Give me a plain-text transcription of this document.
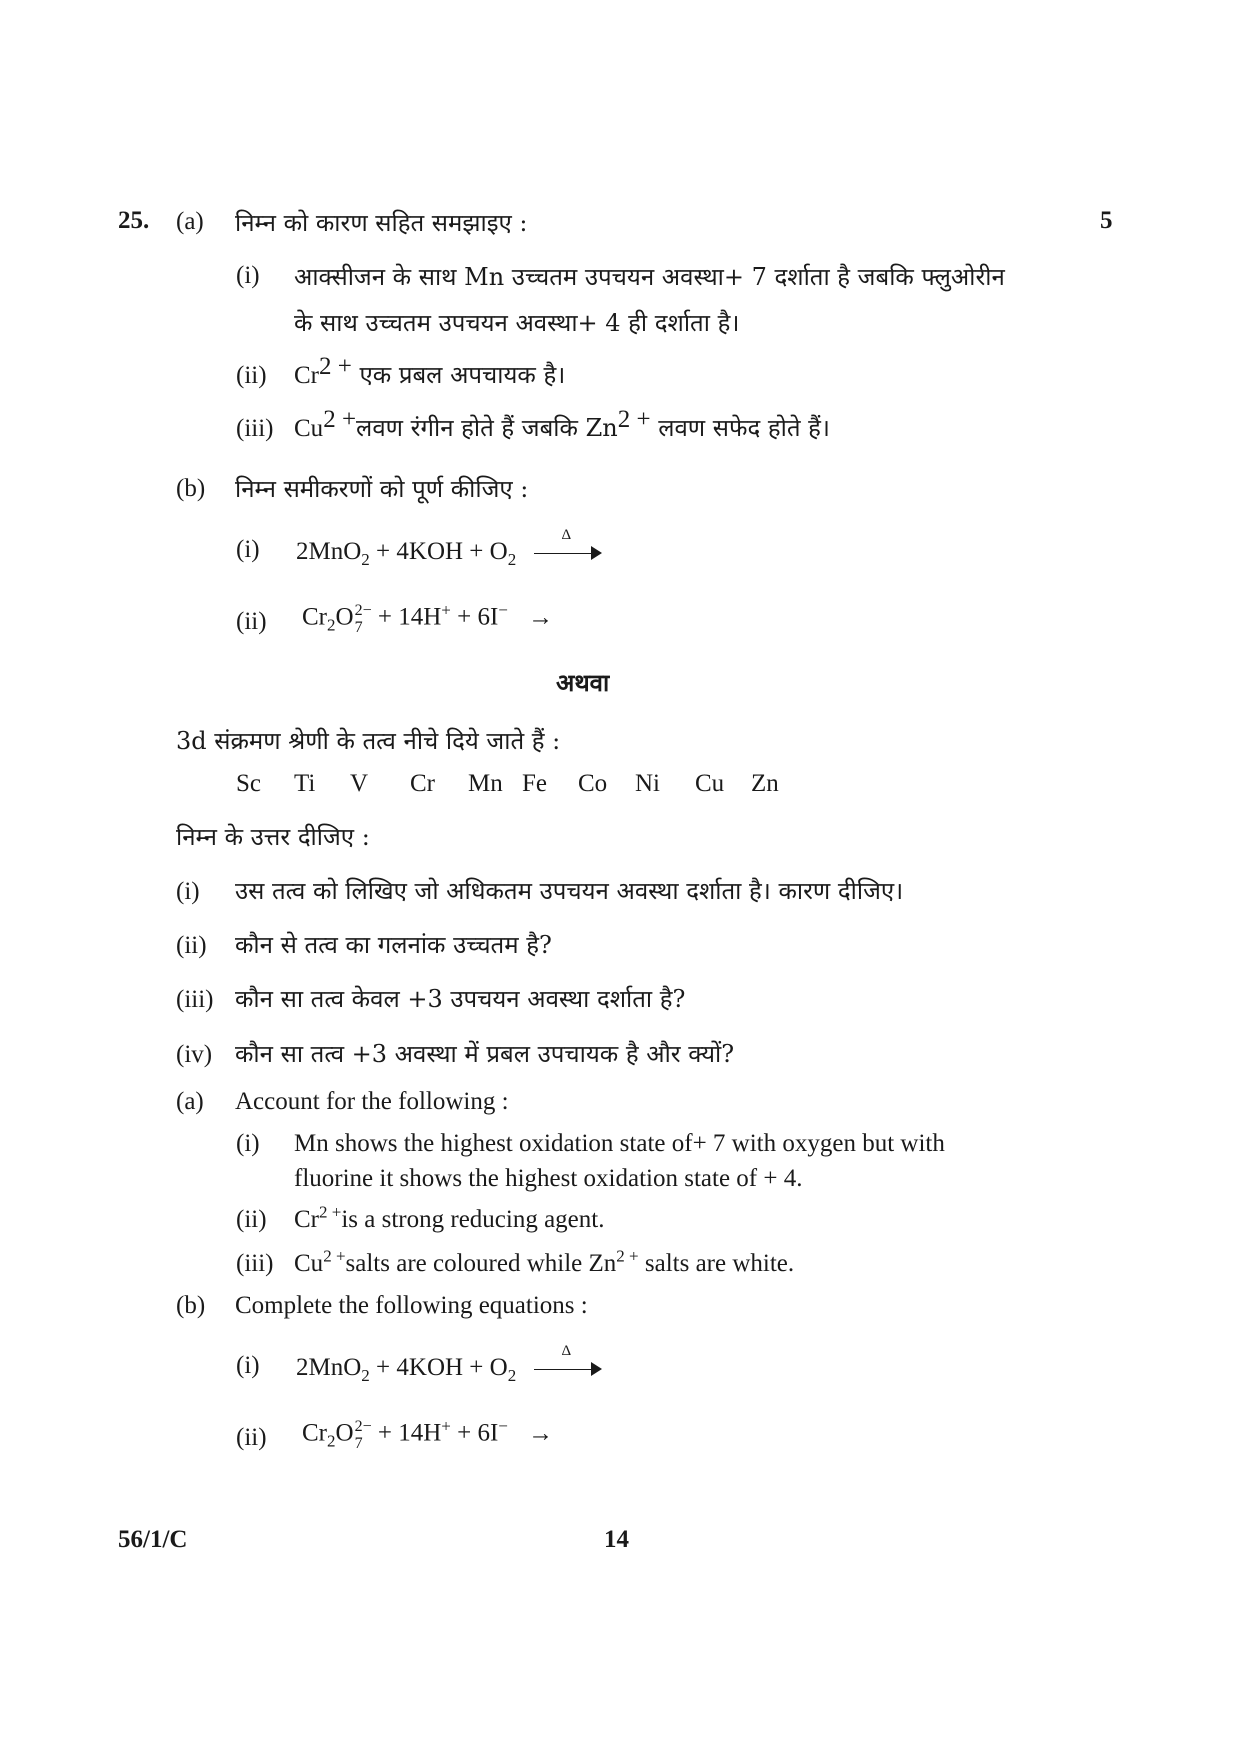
25. (a) निम्न को कारण सहित समझाइए :	5
(i) आक्सीजन के साथ Mn उच्चतम उपचयन अवस्था+ 7 दर्शाता है जबकि फ्लुओरीन
के साथ उच्चतम उपचयन अवस्था+ 4 ही दर्शाता है।
(ii) $Cr^{2 +}$ एक प्रबल अपचायक है।
(iii) $Cu^{2 +}लवण$ रंगीन होते हैं जबकि $Zn^{2 +}$ लवण सफेद होते हैं।
(b) निम्न समीकरणों को पूर्ण कीजिए :
(i) $2MnO_2 + 4KOH + O_2$
Δ
(ii) $Cr_2O$ 2−
7 + 14H+ + 6I− →
अथवा
3d संक्रमण श्रेणी के तत्व नीचे दिये जाते हैं :
Sc Ti V Cr Mn Fe Co Ni Cu Zn
निम्न के उत्तर दीजिए :
(i) उस तत्व को लिखिए जो अधिकतम उपचयन अवस्था दर्शाता है। कारण दीजिए।
(ii) कौन से तत्व का गलनांक उच्चतम है?
(iii) कौन सा तत्व केवल +3 उपचयन अवस्था दर्शाता है?
(iv) कौन सा तत्व +3 अवस्था में प्रबल उपचायक है और क्यों?
(a) Account for the following :
(i) Mn shows the highest oxidation state of+ 7 with oxygen but with
fluorine it shows the highest oxidation state of + 4.
(ii) $Cr^{2 +}is$ a strong reducing agent.
(iii) $Cu^{2 +}salts$ are coloured while $Zn^{2 +}$ salts are white.
(b) Complete the following equations :
(i) $2MnO_2 + 4KOH + O_2$
Δ
(ii) $Cr_2O$ 2−
7 + 14H+ + 6I− →
56/1/C	14
